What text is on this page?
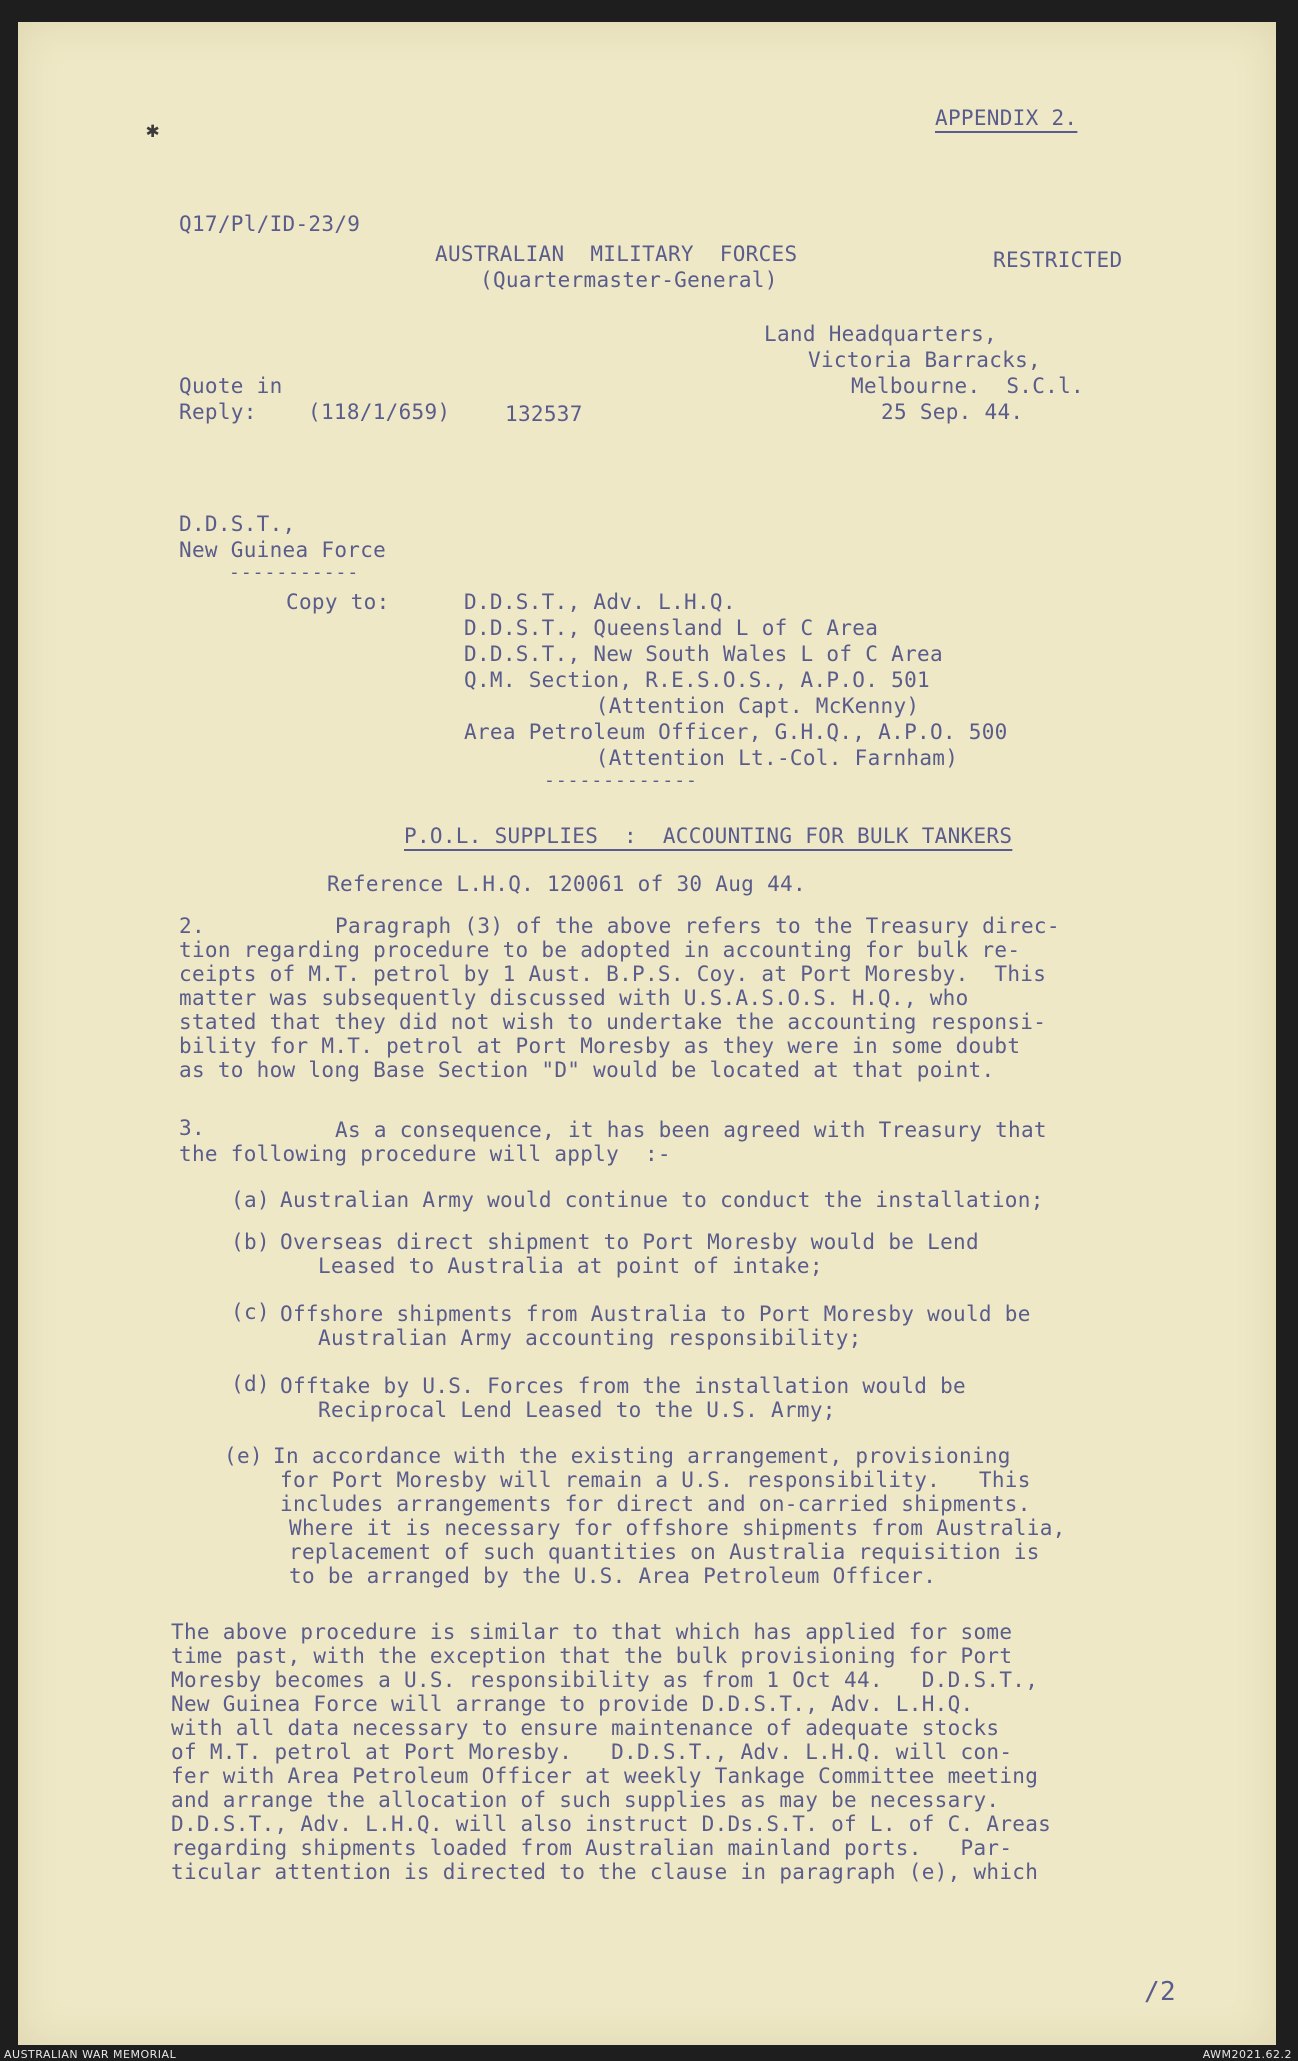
✱	APPENDIX 2.
Q17/Pl/ID-23/9
AUSTRALIAN  MILITARY  FORCES
(Quartermaster-General)
RESTRICTED
Land Headquarters,
Victoria Barracks,
Melbourne.  S.C.l.
25 Sep. 44.
Quote in
Reply: (118/1/659)	132537
D.D.S.T.,
New Guinea Force
-----------
Copy to:	D.D.S.T., Adv. L.H.Q.
D.D.S.T., Queensland L of C Area
D.D.S.T., New South Wales L of C Area
Q.M. Section, R.E.S.O.S., A.P.O. 501
(Attention Capt. McKenny)
Area Petroleum Officer, G.H.Q., A.P.O. 500
(Attention Lt.-Col. Farnham)
-------------
P.O.L. SUPPLIES  :  ACCOUNTING FOR BULK TANKERS
Reference L.H.Q. 120061 of 30 Aug 44.
2.	Paragraph (3) of the above refers to the Treasury direc-
tion regarding procedure to be adopted in accounting for bulk re-
ceipts of M.T. petrol by 1 Aust. B.P.S. Coy. at Port Moresby.  This
matter was subsequently discussed with U.S.A.S.O.S. H.Q., who
stated that they did not wish to undertake the accounting responsi-
bility for M.T. petrol at Port Moresby as they were in some doubt
as to how long Base Section "D" would be located at that point.
3.	As a consequence, it has been agreed with Treasury that
the following procedure will apply  :-
(a) Australian Army would continue to conduct the installation;
(b) Overseas direct shipment to Port Moresby would be Lend
Leased to Australia at point of intake;
(c) Offshore shipments from Australia to Port Moresby would be
Australian Army accounting responsibility;
(d) Offtake by U.S. Forces from the installation would be
Reciprocal Lend Leased to the U.S. Army;
(e) In accordance with the existing arrangement, provisioning
for Port Moresby will remain a U.S. responsibility.   This
includes arrangements for direct and on-carried shipments.
Where it is necessary for offshore shipments from Australia,
replacement of such quantities on Australia requisition is
to be arranged by the U.S. Area Petroleum Officer.
The above procedure is similar to that which has applied for some
time past, with the exception that the bulk provisioning for Port
Moresby becomes a U.S. responsibility as from 1 Oct 44.   D.D.S.T.,
New Guinea Force will arrange to provide D.D.S.T., Adv. L.H.Q.
with all data necessary to ensure maintenance of adequate stocks
of M.T. petrol at Port Moresby.   D.D.S.T., Adv. L.H.Q. will con-
fer with Area Petroleum Officer at weekly Tankage Committee meeting
and arrange the allocation of such supplies as may be necessary.
D.D.S.T., Adv. L.H.Q. will also instruct D.Ds.S.T. of L. of C. Areas
regarding shipments loaded from Australian mainland ports.   Par-
ticular attention is directed to the clause in paragraph (e), which
/2
AUSTRALIAN WAR MEMORIAL	AWM2021.62.2
